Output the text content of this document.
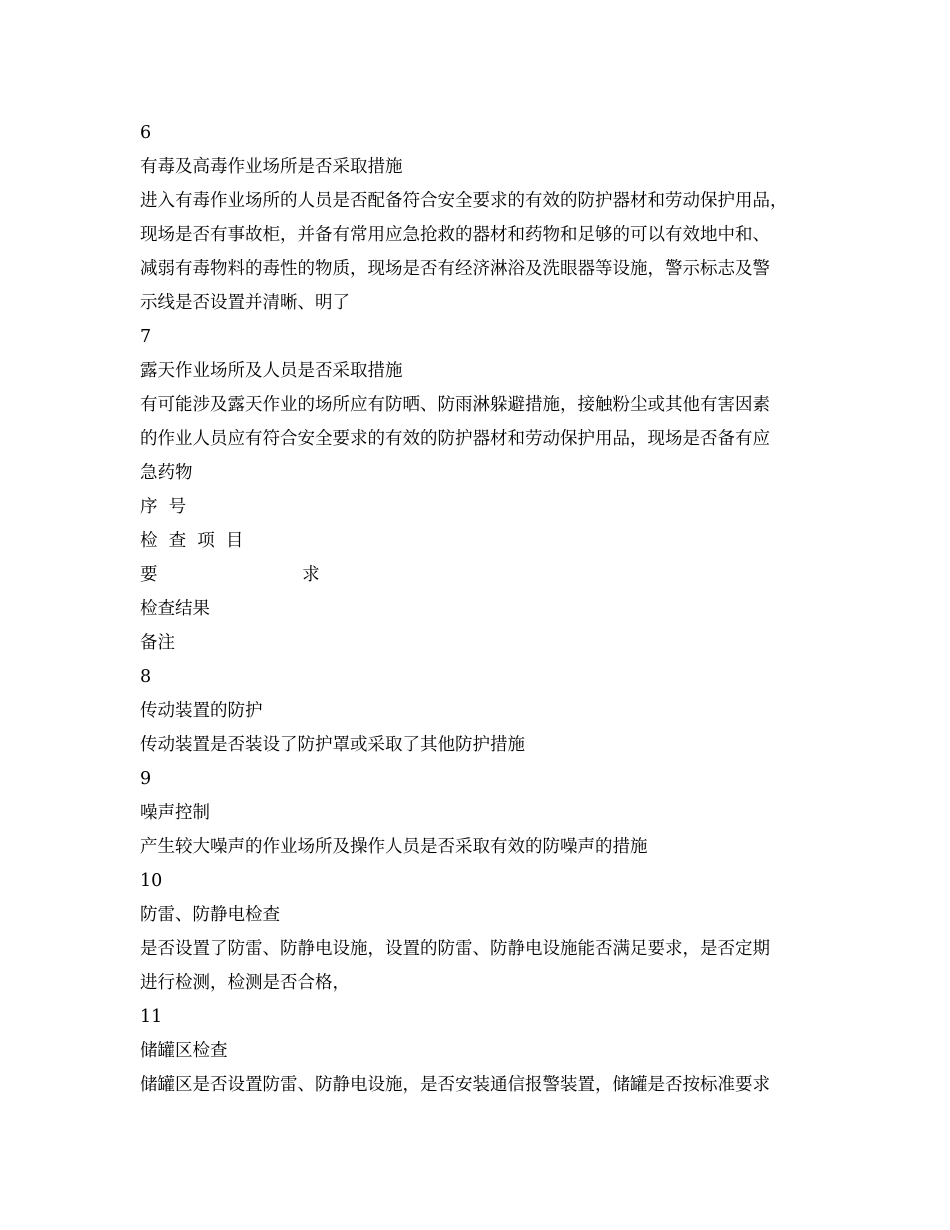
6
有毒及高毒作业场所是否采取措施
进入有毒作业场所的人员是否配备符合安全要求的有效的防护器材和劳动保护用品，
现场是否有事故柜，并备有常用应急抢救的器材和药物和足够的可以有效地中和、
减弱有毒物料的毒性的物质，现场是否有经济淋浴及洗眼器等设施，警示标志及警
示线是否设置并清晰、明了
7
露天作业场所及人员是否采取措施
有可能涉及露天作业的场所应有防晒、防雨淋躲避措施，接触粉尘或其他有害因素
的作业人员应有符合安全要求的有效的防护器材和劳动保护用品，现场是否备有应
急药物
序  号
检  查  项  目
要                          求
检查结果
备注
8
传动装置的防护
传动装置是否装设了防护罩或采取了其他防护措施
9
噪声控制
产生较大噪声的作业场所及操作人员是否采取有效的防噪声的措施
10
防雷、防静电检查
是否设置了防雷、防静电设施，设置的防雷、防静电设施能否满足要求，是否定期
进行检测，检测是否合格，
11
储罐区检查
储罐区是否设置防雷、防静电设施，是否安装通信报警装置，储罐是否按标准要求
